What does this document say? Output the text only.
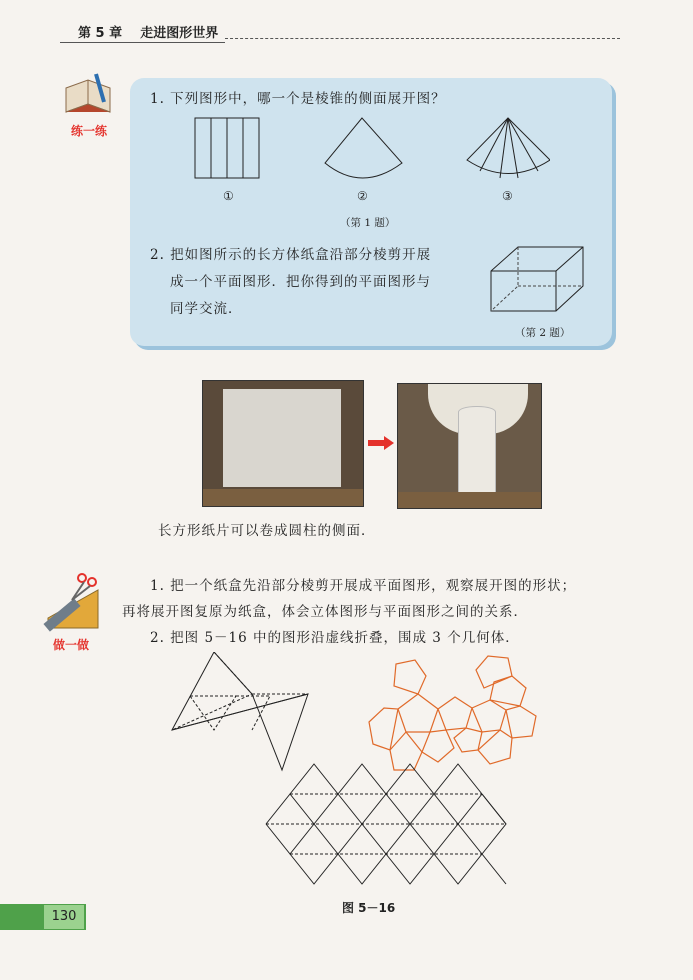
第 5 章 走进图形世界
练一练
1. 下列图形中，哪一个是棱锥的侧面展开图？
①	②	③
（第 1 题）
2. 把如图所示的长方体纸盒沿部分棱剪开展
成一个平面图形．把你得到的平面图形与
同学交流．
（第 2 题）
长方形纸片可以卷成圆柱的侧面．
做一做
1. 把一个纸盒先沿部分棱剪开展成平面图形，观察展开图的形状；
再将展开图复原为纸盒，体会立体图形与平面图形之间的关系．
2. 把图 5－16 中的图形沿虚线折叠，围成 3 个几何体．
图 5－16
130
